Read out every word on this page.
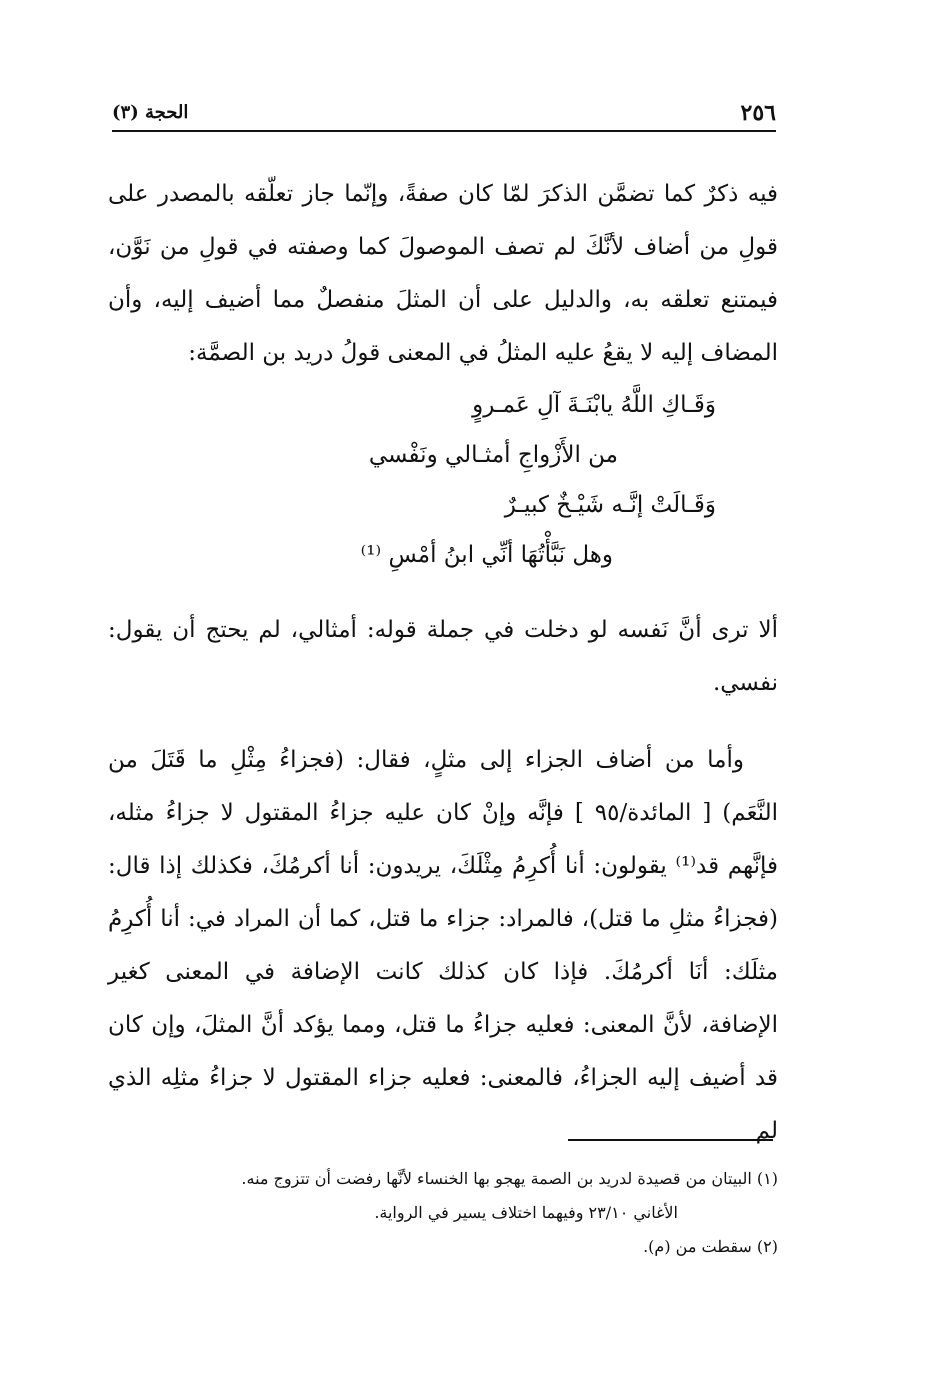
٢٥٦
الحجة (٣)

فيه ذكرٌ كما تضمَّن الذكرَ لمّا كان صفةً، وإنّما جاز تعلّقه بالمصدر على قولِ من أضاف لأنَّكَ لم تصف الموصولَ كما وصفته في قولِ من نَوَّن، فيمتنع تعلقه به، والدليل على أن المثلَ منفصلٌ مما أضيف إليه، وأن المضاف إليه لا يقعُ عليه المثلُ في المعنى قولُ دريد بن الصمَّة:

وَقَـاكِ اللَّهُ يابْنَـةَ آلِ عَمـروٍ
من الأَزْواجِ أمثـالي ونَفْسي
وَقَـالَتْ إنَّـه شَيْـخٌ كبيـرٌ
وهل نَبَّأْتُهَا أنِّي ابنُ أمْسِ ⁽¹⁾

ألا ترى أنَّ نَفسه لو دخلت في جملة قوله: أمثالي، لم يحتج أن يقول: نفسي.

وأما من أضاف الجزاء إلى مثلٍ، فقال: (فجزاءُ مِثْلِ ما قَتَلَ من النَّعَم) [ المائدة/٩٥ ] فإنَّه وإنْ كان عليه جزاءُ المقتول لا جزاءُ مثله، فإنَّهم قد⁽¹⁾ يقولون: أنا أُكرِمُ مِثْلَكَ، يريدون: أنا أكرمُكَ، فكذلك إذا قال: (فجزاءُ مثلِ ما قتل)، فالمراد: جزاء ما قتل، كما أن المراد في: أنا أُكرِمُ مثلَك: أنَا أكرمُكَ. فإذا كان كذلك كانت الإضافة في المعنى كغير الإضافة، لأنَّ المعنى: فعليه جزاءُ ما قتل، ومما يؤكد أنَّ المثلَ، وإن كان قد أضيف إليه الجزاءُ، فالمعنى: فعليه جزاء المقتول لا جزاءُ مثلِه الذي لم

(١) البيتان من قصيدة لدريد بن الصمة يهجو بها الخنساء لأنَّها رفضت أن تتزوج منه.

الأغاني ٢٣/١٠ وفيهما اختلاف يسير في الرواية.

(٢) سقطت من (م).
